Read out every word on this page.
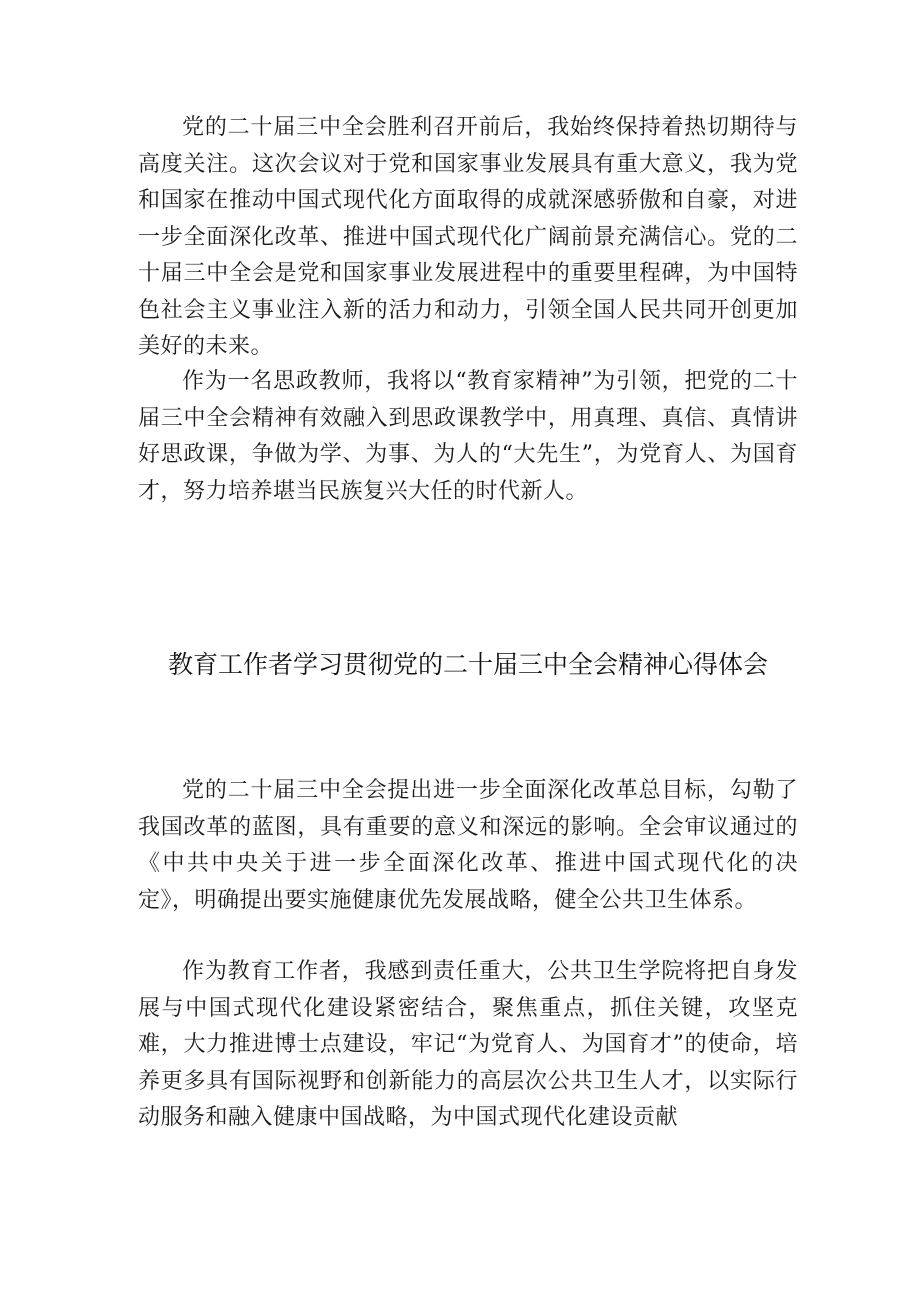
党的二十届三中全会胜利召开前后，我始终保持着热切期待与高度关注。这次会议对于党和国家事业发展具有重大意义，我为党和国家在推动中国式现代化方面取得的成就深感骄傲和自豪，对进一步全面深化改革、推进中国式现代化广阔前景充满信心。党的二十届三中全会是党和国家事业发展进程中的重要里程碑，为中国特色社会主义事业注入新的活力和动力，引领全国人民共同开创更加美好的未来。

作为一名思政教师，我将以“教育家精神”为引领，把党的二十届三中全会精神有效融入到思政课教学中，用真理、真信、真情讲好思政课，争做为学、为事、为人的“大先生”，为党育人、为国育才，努力培养堪当民族复兴大任的时代新人。

教育工作者学习贯彻党的二十届三中全会精神心得体会

党的二十届三中全会提出进一步全面深化改革总目标，勾勒了我国改革的蓝图，具有重要的意义和深远的影响。全会审议通过的《中共中央关于进一步全面深化改革、推进中国式现代化的决定》，明确提出要实施健康优先发展战略，健全公共卫生体系。

作为教育工作者，我感到责任重大，公共卫生学院将把自身发展与中国式现代化建设紧密结合，聚焦重点，抓住关键，攻坚克难，大力推进博士点建设，牢记“为党育人、为国育才”的使命，培养更多具有国际视野和创新能力的高层次公共卫生人才，以实际行动服务和融入健康中国战略，为中国式现代化建设贡献
